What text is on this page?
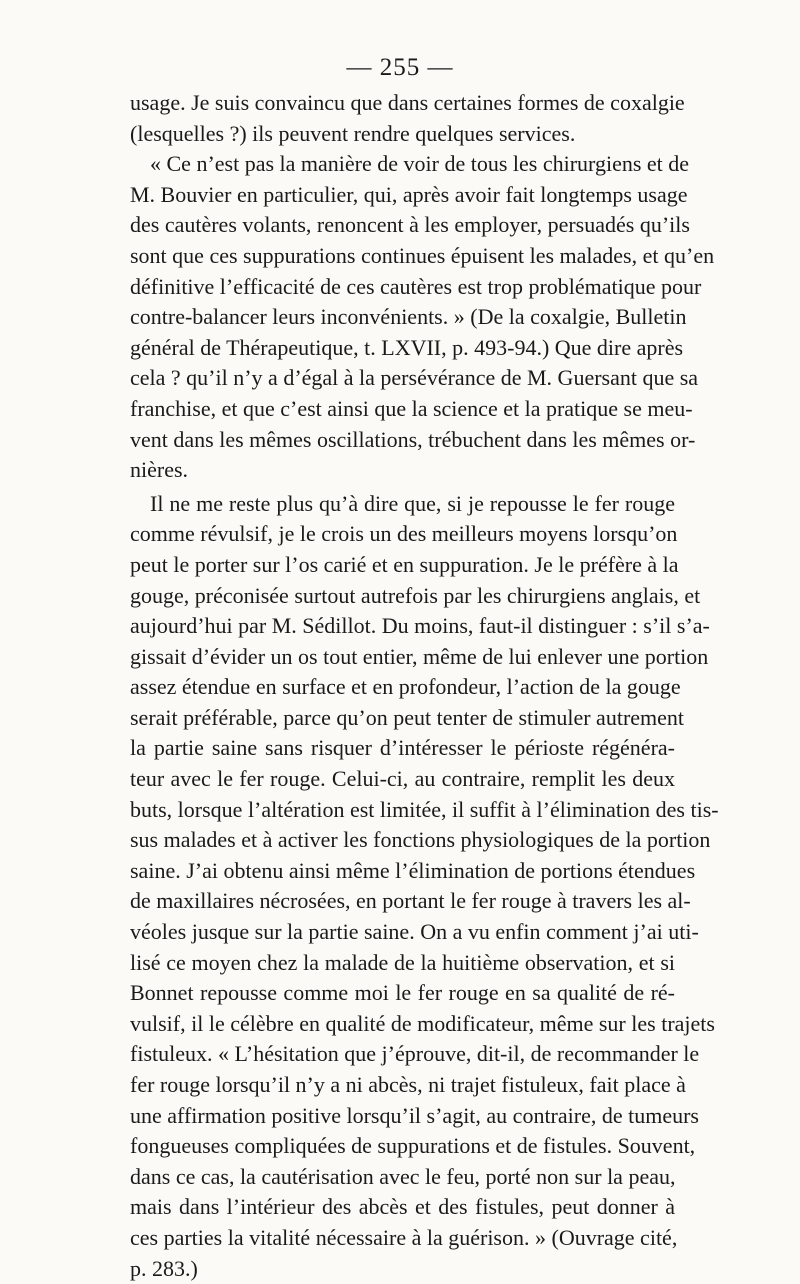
— 255 —
usage. Je suis convaincu que dans certaines formes de coxalgie
(lesquelles ?) ils peuvent rendre quelques services.
« Ce n’est pas la manière de voir de tous les chirurgiens et de
M. Bouvier en particulier, qui, après avoir fait longtemps usage
des cautères volants, renoncent à les employer, persuadés qu’ils
sont que ces suppurations continues épuisent les malades, et qu’en
définitive l’efficacité de ces cautères est trop problématique pour
contre-balancer leurs inconvénients. » (De la coxalgie, Bulletin
général de Thérapeutique, t. LXVII, p. 493-94.) Que dire après
cela ? qu’il n’y a d’égal à la persévérance de M. Guersant que sa
franchise, et que c’est ainsi que la science et la pratique se meu-
vent dans les mêmes oscillations, trébuchent dans les mêmes or-
nières.
Il ne me reste plus qu’à dire que, si je repousse le fer rouge
comme révulsif, je le crois un des meilleurs moyens lorsqu’on
peut le porter sur l’os carié et en suppuration. Je le préfère à la
gouge, préconisée surtout autrefois par les chirurgiens anglais, et
aujourd’hui par M. Sédillot. Du moins, faut-il distinguer : s’il s’a-
gissait d’évider un os tout entier, même de lui enlever une portion
assez étendue en surface et en profondeur, l’action de la gouge
serait préférable, parce qu’on peut tenter de stimuler autrement
la partie saine sans risquer d’intéresser le périoste régénéra-
teur avec le fer rouge. Celui-ci, au contraire, remplit les deux
buts, lorsque l’altération est limitée, il suffit à l’élimination des tis-
sus malades et à activer les fonctions physiologiques de la portion
saine. J’ai obtenu ainsi même l’élimination de portions étendues
de maxillaires nécrosées, en portant le fer rouge à travers les al-
véoles jusque sur la partie saine. On a vu enfin comment j’ai uti-
lisé ce moyen chez la malade de la huitième observation, et si
Bonnet repousse comme moi le fer rouge en sa qualité de ré-
vulsif, il le célèbre en qualité de modificateur, même sur les trajets
fistuleux. « L’hésitation que j’éprouve, dit-il, de recommander le
fer rouge lorsqu’il n’y a ni abcès, ni trajet fistuleux, fait place à
une affirmation positive lorsqu’il s’agit, au contraire, de tumeurs
fongueuses compliquées de suppurations et de fistules. Souvent,
dans ce cas, la cautérisation avec le feu, porté non sur la peau,
mais dans l’intérieur des abcès et des fistules, peut donner à
ces parties la vitalité nécessaire à la guérison. » (Ouvrage cité,
p. 283.)
